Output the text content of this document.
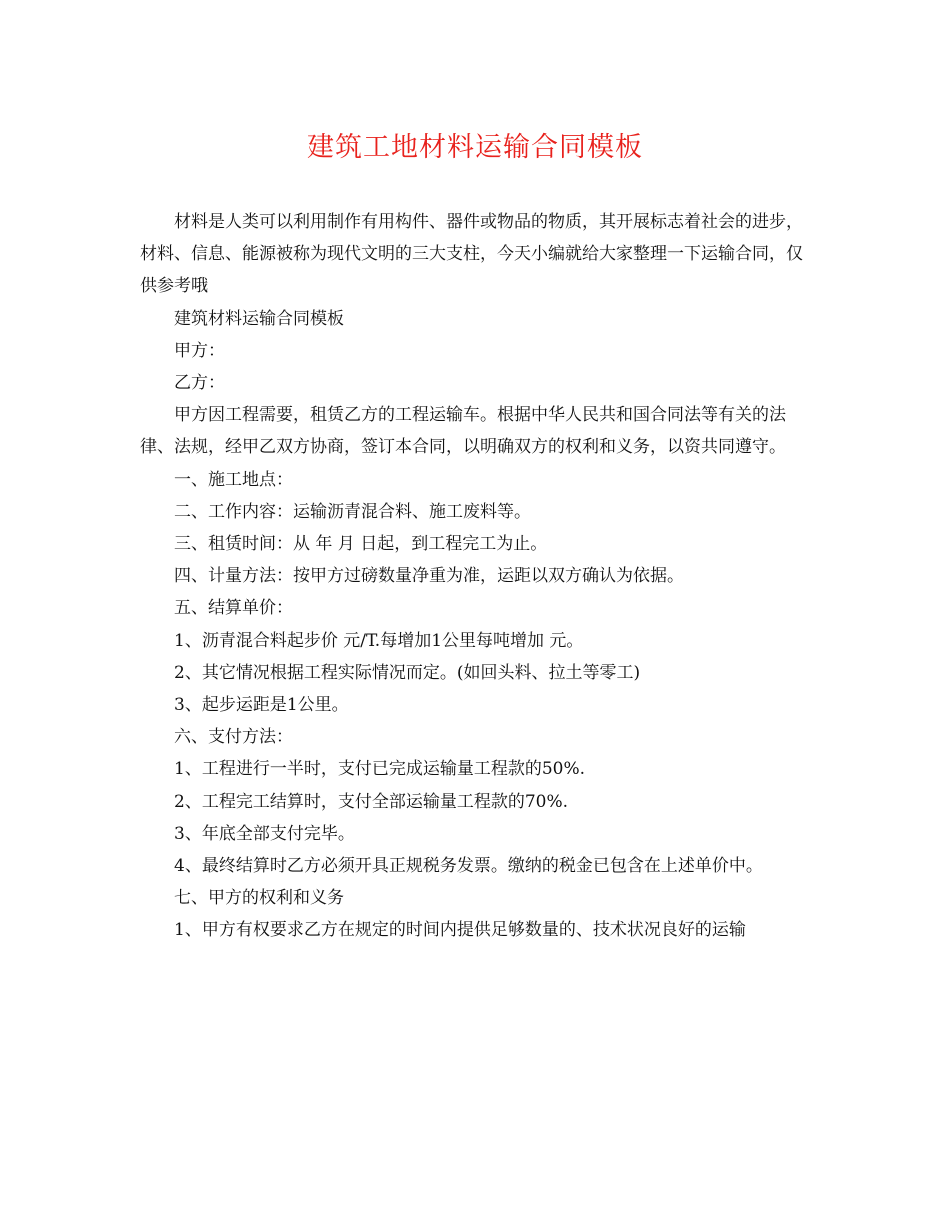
建筑工地材料运输合同模板

材料是人类可以利用制作有用构件、器件或物品的物质，其开展标志着社会的进步，材料、信息、能源被称为现代文明的三大支柱，今天小编就给大家整理一下运输合同，仅供参考哦

建筑材料运输合同模板

甲方：

乙方：

甲方因工程需要，租赁乙方的工程运输车。根据中华人民共和国合同法等有关的法律、法规，经甲乙双方协商，签订本合同，以明确双方的权利和义务，以资共同遵守。

一、施工地点：

二、工作内容：运输沥青混合料、施工废料等。

三、租赁时间：从 年 月 日起，到工程完工为止。

四、计量方法：按甲方过磅数量净重为准，运距以双方确认为依据。

五、结算单价：

1、沥青混合料起步价 元/T.每增加1公里每吨增加 元。

2、其它情况根据工程实际情况而定。(如回头料、拉土等零工)

3、起步运距是1公里。

六、支付方法：

1、工程进行一半时，支付已完成运输量工程款的50%.

2、工程完工结算时，支付全部运输量工程款的70%.

3、年底全部支付完毕。

4、最终结算时乙方必须开具正规税务发票。缴纳的税金已包含在上述单价中。

七、甲方的权利和义务

1、甲方有权要求乙方在规定的时间内提供足够数量的、技术状况良好的运输
